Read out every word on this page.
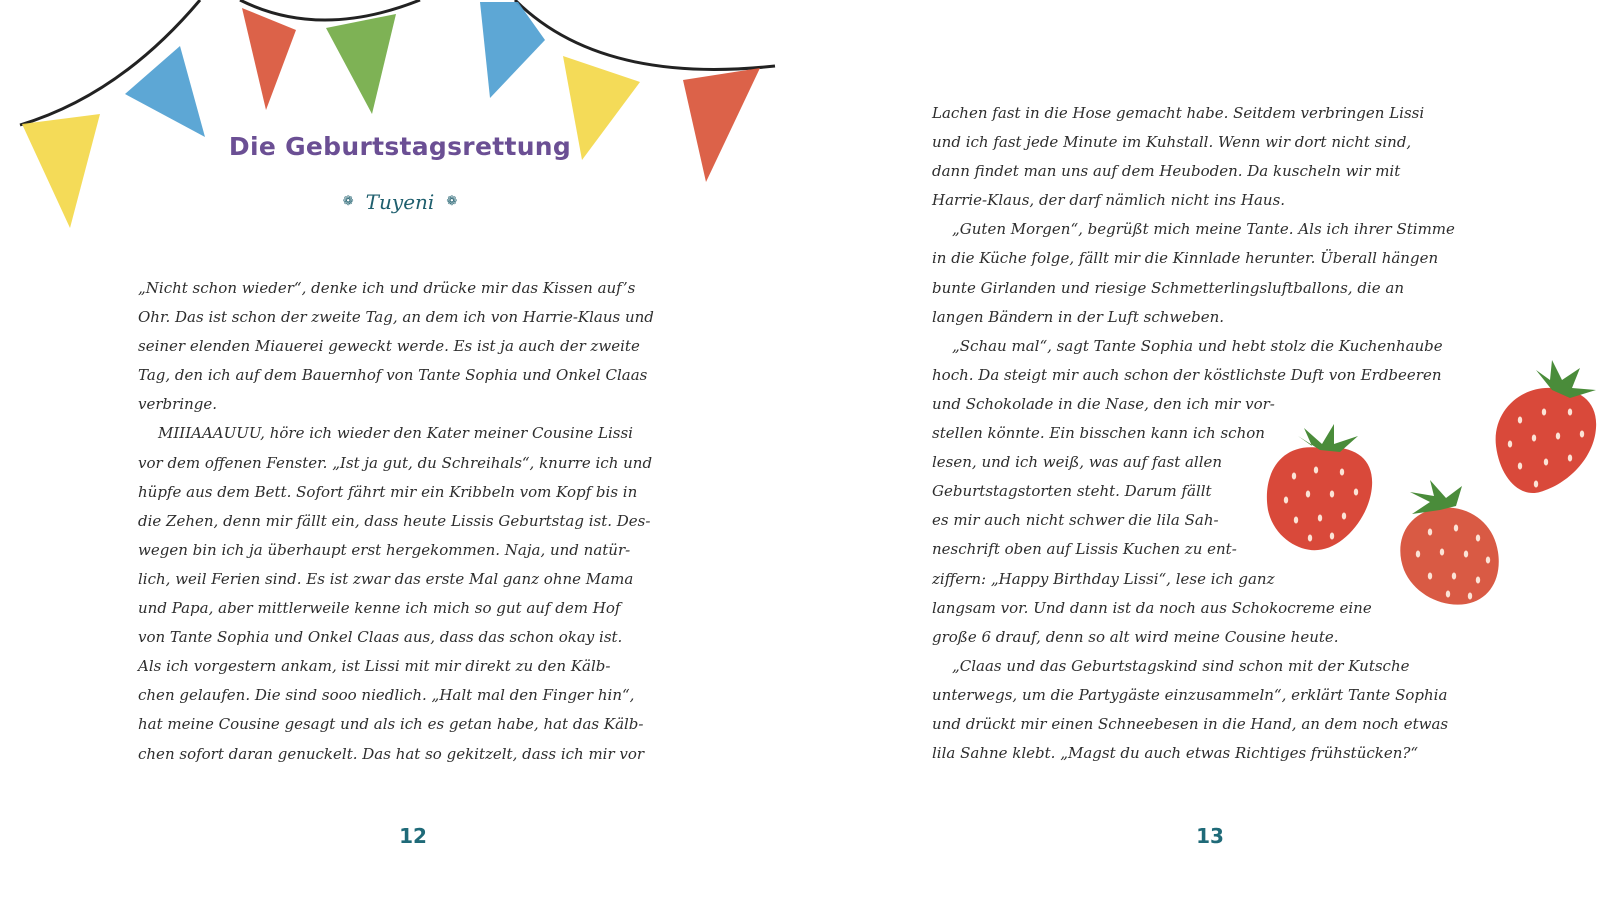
Die Geburtstagsrettung
❁ Tuyeni ❁
„Nicht schon wieder“, denke ich und drücke mir das Kissen auf’s
Ohr. Das ist schon der zweite Tag, an dem ich von Harrie-Klaus und
seiner elenden Miauerei geweckt werde. Es ist ja auch der zweite
Tag, den ich auf dem Bauernhof von Tante Sophia und Onkel Claas
verbringe.
MIIIAAAUUU, höre ich wieder den Kater meiner Cousine Lissi
vor dem offenen Fenster. „Ist ja gut, du Schreihals“, knurre ich und
hüpfe aus dem Bett. Sofort fährt mir ein Kribbeln vom Kopf bis in
die Zehen, denn mir fällt ein, dass heute Lissis Geburtstag ist. Des-
wegen bin ich ja überhaupt erst hergekommen. Naja, und natür-
lich, weil Ferien sind. Es ist zwar das erste Mal ganz ohne Mama
und Papa, aber mittlerweile kenne ich mich so gut auf dem Hof
von Tante Sophia und Onkel Claas aus, dass das schon okay ist.
Als ich vorgestern ankam, ist Lissi mit mir direkt zu den Kälb-
chen gelaufen. Die sind sooo niedlich. „Halt mal den Finger hin“,
hat meine Cousine gesagt und als ich es getan habe, hat das Kälb-
chen sofort daran genuckelt. Das hat so gekitzelt, dass ich mir vor
12
Lachen fast in die Hose gemacht habe. Seitdem verbringen Lissi
und ich fast jede Minute im Kuhstall. Wenn wir dort nicht sind,
dann findet man uns auf dem Heuboden. Da kuscheln wir mit
Harrie-Klaus, der darf nämlich nicht ins Haus.
„Guten Morgen“, begrüßt mich meine Tante. Als ich ihrer Stimme
in die Küche folge, fällt mir die Kinnlade herunter. Überall hängen
bunte Girlanden und riesige Schmetterlingsluftballons, die an
langen Bändern in der Luft schweben.
„Schau mal“, sagt Tante Sophia und hebt stolz die Kuchenhaube
hoch. Da steigt mir auch schon der köstlichste Duft von Erdbeeren
und Schokolade in die Nase, den ich mir vor-
stellen könnte. Ein bisschen kann ich schon
lesen, und ich weiß, was auf fast allen
Geburtstagstorten steht. Darum fällt
es mir auch nicht schwer die lila Sah-
neschrift oben auf Lissis Kuchen zu ent-
ziffern: „Happy Birthday Lissi“, lese ich ganz
langsam vor. Und dann ist da noch aus Schokocreme eine
große 6 drauf, denn so alt wird meine Cousine heute.
„Claas und das Geburtstagskind sind schon mit der Kutsche
unterwegs, um die Partygäste einzusammeln“, erklärt Tante Sophia
und drückt mir einen Schneebesen in die Hand, an dem noch etwas
lila Sahne klebt. „Magst du auch etwas Richtiges frühstücken?“
13
